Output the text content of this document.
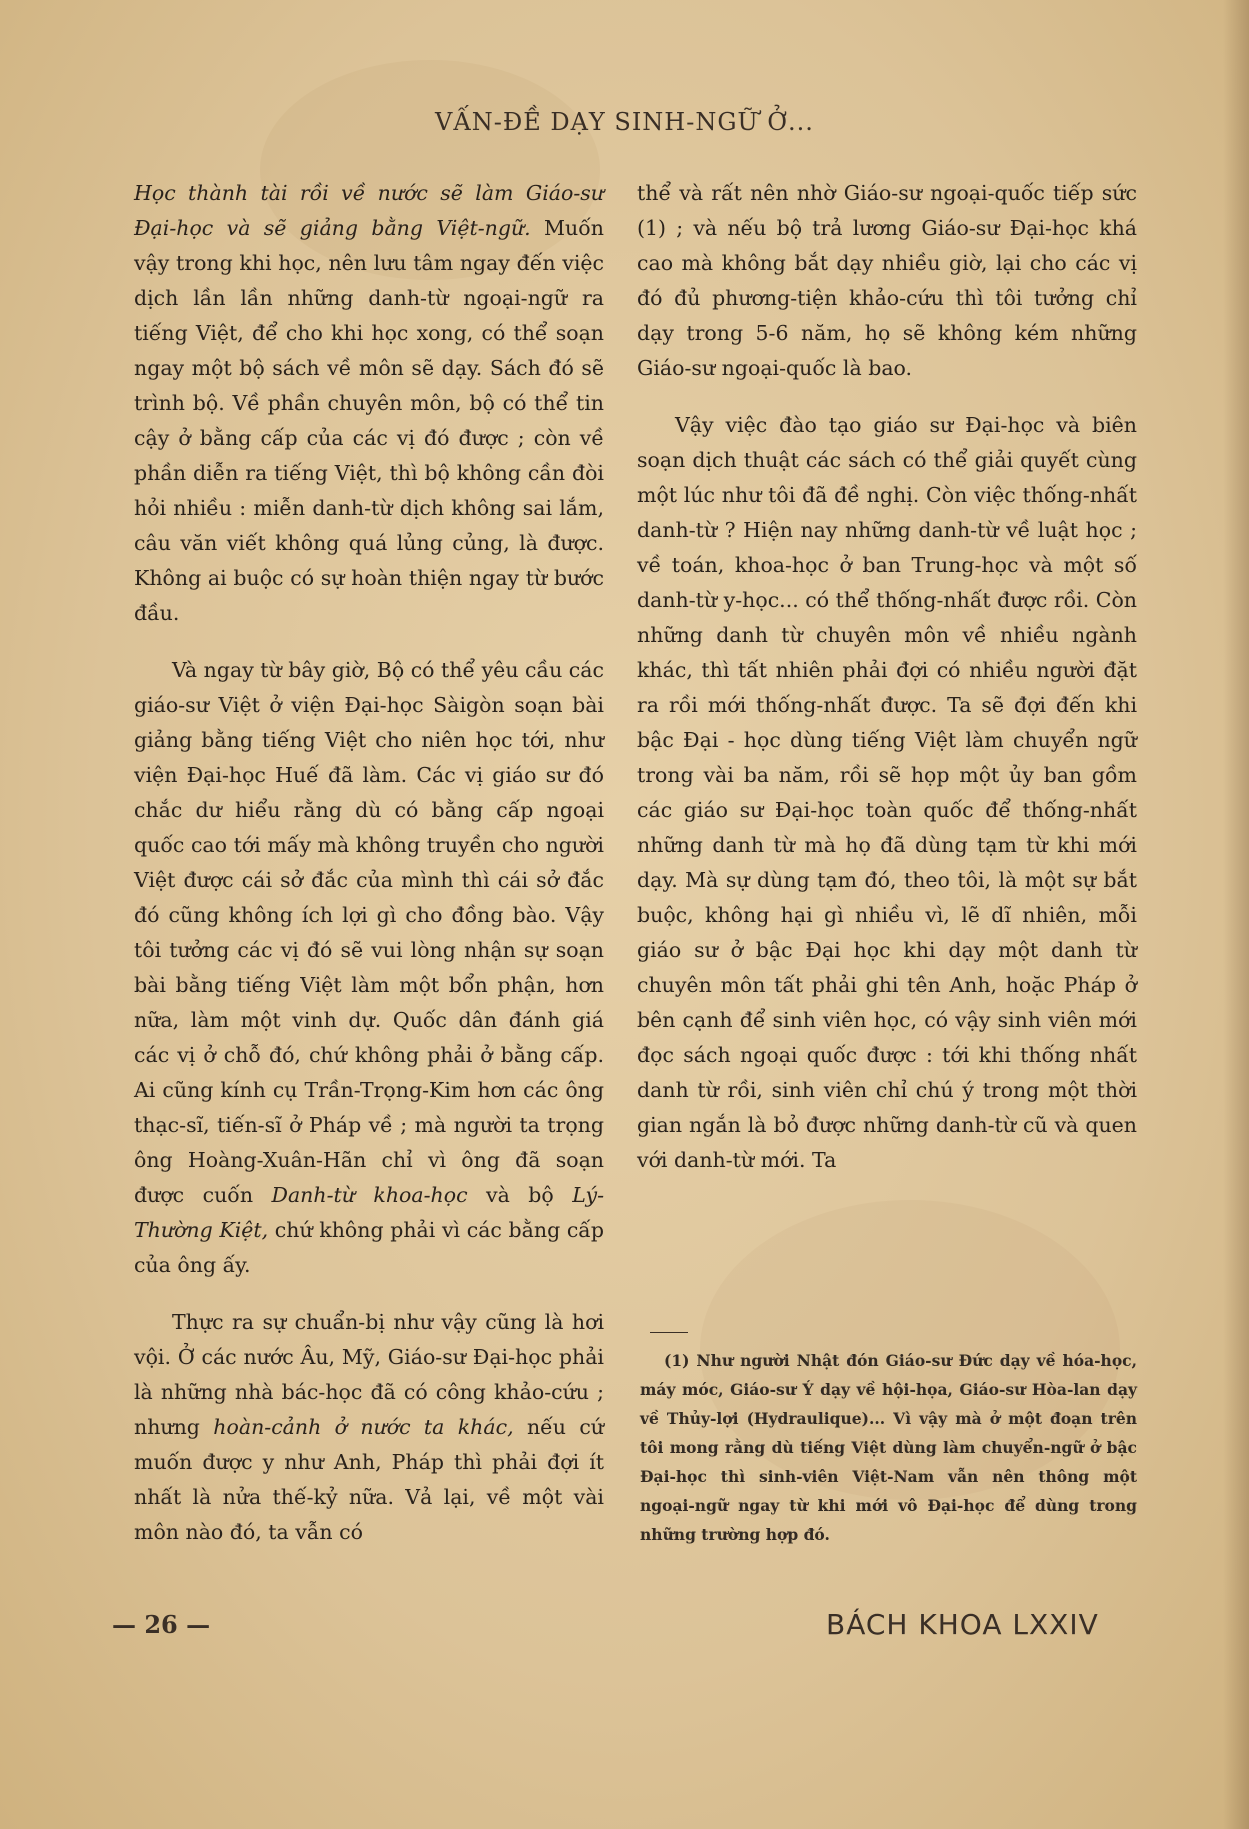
VẤN-ĐỀ DẠY SINH-NGỮ Ở...

Học thành tài rồi về nước sẽ làm Giáo-sư Đại-học và sẽ giảng bằng Việt-ngữ. Muốn vậy trong khi học, nên lưu tâm ngay đến việc dịch lần lần những danh-từ ngoại-ngữ ra tiếng Việt, để cho khi học xong, có thể soạn ngay một bộ sách về môn sẽ dạy. Sách đó sẽ trình bộ. Về phần chuyên môn, bộ có thể tin cậy ở bằng cấp của các vị đó được ; còn về phần diễn ra tiếng Việt, thì bộ không cần đòi hỏi nhiều : miễn danh-từ dịch không sai lắm, câu văn viết không quá lủng củng, là được. Không ai buộc có sự hoàn thiện ngay từ bước đầu.

Và ngay từ bây giờ, Bộ có thể yêu cầu các giáo-sư Việt ở viện Đại-học Sàigòn soạn bài giảng bằng tiếng Việt cho niên học tới, như viện Đại-học Huế đã làm. Các vị giáo sư đó chắc dư hiểu rằng dù có bằng cấp ngoại quốc cao tới mấy mà không truyền cho người Việt được cái sở đắc của mình thì cái sở đắc đó cũng không ích lợi gì cho đồng bào. Vậy tôi tưởng các vị đó sẽ vui lòng nhận sự soạn bài bằng tiếng Việt làm một bổn phận, hơn nữa, làm một vinh dự. Quốc dân đánh giá các vị ở chỗ đó, chứ không phải ở bằng cấp. Ai cũng kính cụ Trần-Trọng-Kim hơn các ông thạc-sĩ, tiến-sĩ ở Pháp về ; mà người ta trọng ông Hoàng-Xuân-Hãn chỉ vì ông đã soạn được cuốn Danh-từ khoa-học và bộ Lý-Thường Kiệt, chứ không phải vì các bằng cấp của ông ấy.

Thực ra sự chuẩn-bị như vậy cũng là hơi vội. Ở các nước Âu, Mỹ, Giáo-sư Đại-học phải là những nhà bác-học đã có công khảo-cứu ; nhưng hoàn-cảnh ở nước ta khác, nếu cứ muốn được y như Anh, Pháp thì phải đợi ít nhất là nửa thế-kỷ nữa. Vả lại, về một vài môn nào đó, ta vẫn có

thể và rất nên nhờ Giáo-sư ngoại-quốc tiếp sức (1) ; và nếu bộ trả lương Giáo-sư Đại-học khá cao mà không bắt dạy nhiều giờ, lại cho các vị đó đủ phương-tiện khảo-cứu thì tôi tưởng chỉ dạy trong 5-6 năm, họ sẽ không kém những Giáo-sư ngoại-quốc là bao.

Vậy việc đào tạo giáo sư Đại-học và biên soạn dịch thuật các sách có thể giải quyết cùng một lúc như tôi đã đề nghị. Còn việc thống-nhất danh-từ ? Hiện nay những danh-từ về luật học ; về toán, khoa-học ở ban Trung-học và một số danh-từ y-học... có thể thống-nhất được rồi. Còn những danh từ chuyên môn về nhiều ngành khác, thì tất nhiên phải đợi có nhiều người đặt ra rồi mới thống-nhất được. Ta sẽ đợi đến khi bậc Đại - học dùng tiếng Việt làm chuyển ngữ trong vài ba năm, rồi sẽ họp một ủy ban gồm các giáo sư Đại-học toàn quốc để thống-nhất những danh từ mà họ đã dùng tạm từ khi mới dạy. Mà sự dùng tạm đó, theo tôi, là một sự bắt buộc, không hại gì nhiều vì, lẽ dĩ nhiên, mỗi giáo sư ở bậc Đại học khi dạy một danh từ chuyên môn tất phải ghi tên Anh, hoặc Pháp ở bên cạnh để sinh viên học, có vậy sinh viên mới đọc sách ngoại quốc được : tới khi thống nhất danh từ rồi, sinh viên chỉ chú ý trong một thời gian ngắn là bỏ được những danh-từ cũ và quen với danh-từ mới. Ta

(1) Như người Nhật đón Giáo-sư Đức dạy về hóa-học, máy móc, Giáo-sư Ý dạy về hội-họa, Giáo-sư Hòa-lan dạy về Thủy-lợi (Hydraulique)... Vì vậy mà ở một đoạn trên tôi mong rằng dù tiếng Việt dùng làm chuyển-ngữ ở bậc Đại-học thì sinh-viên Việt-Nam vẫn nên thông một ngoại-ngữ ngay từ khi mới vô Đại-học để dùng trong những trường hợp đó.

— 26 —	BÁCH KHOA LXXIV
